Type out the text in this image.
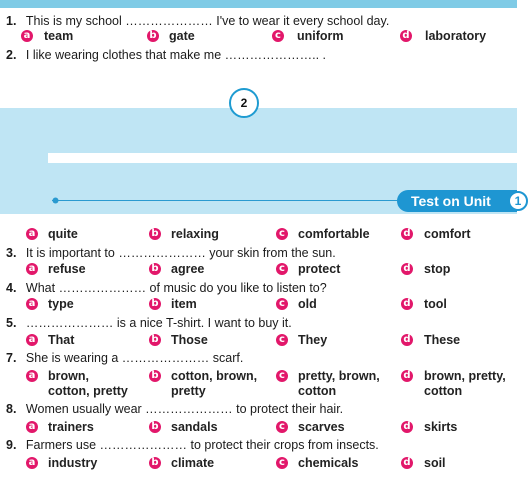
1. This is my school ………………… I've to wear it every school day.
a team	b gate	c uniform	d laboratory
2. I like wearing clothes that make me ………………….. .
2
Test on Unit	1
a quite	b relaxing	c comfortable	d comfort
3. It is important to ………………… your skin from the sun.
a refuse	b agree	c protect	d stop
4. What ………………… of music do you like to listen to?
a type	b item	c old	d tool
5. ………………… is a nice T-shirt. I want to buy it.
a That	b Those	c They	d These
7. She is wearing a ………………… scarf.
a brown,
cotton, pretty
b cotton, brown,
pretty
c pretty, brown,
cotton
d brown, pretty,
cotton
8. Women usually wear ………………… to protect their hair.
a trainers	b sandals	c scarves	d skirts
9. Farmers use ………………… to protect their crops from insects.
a industry	b climate	c chemicals	d soil
